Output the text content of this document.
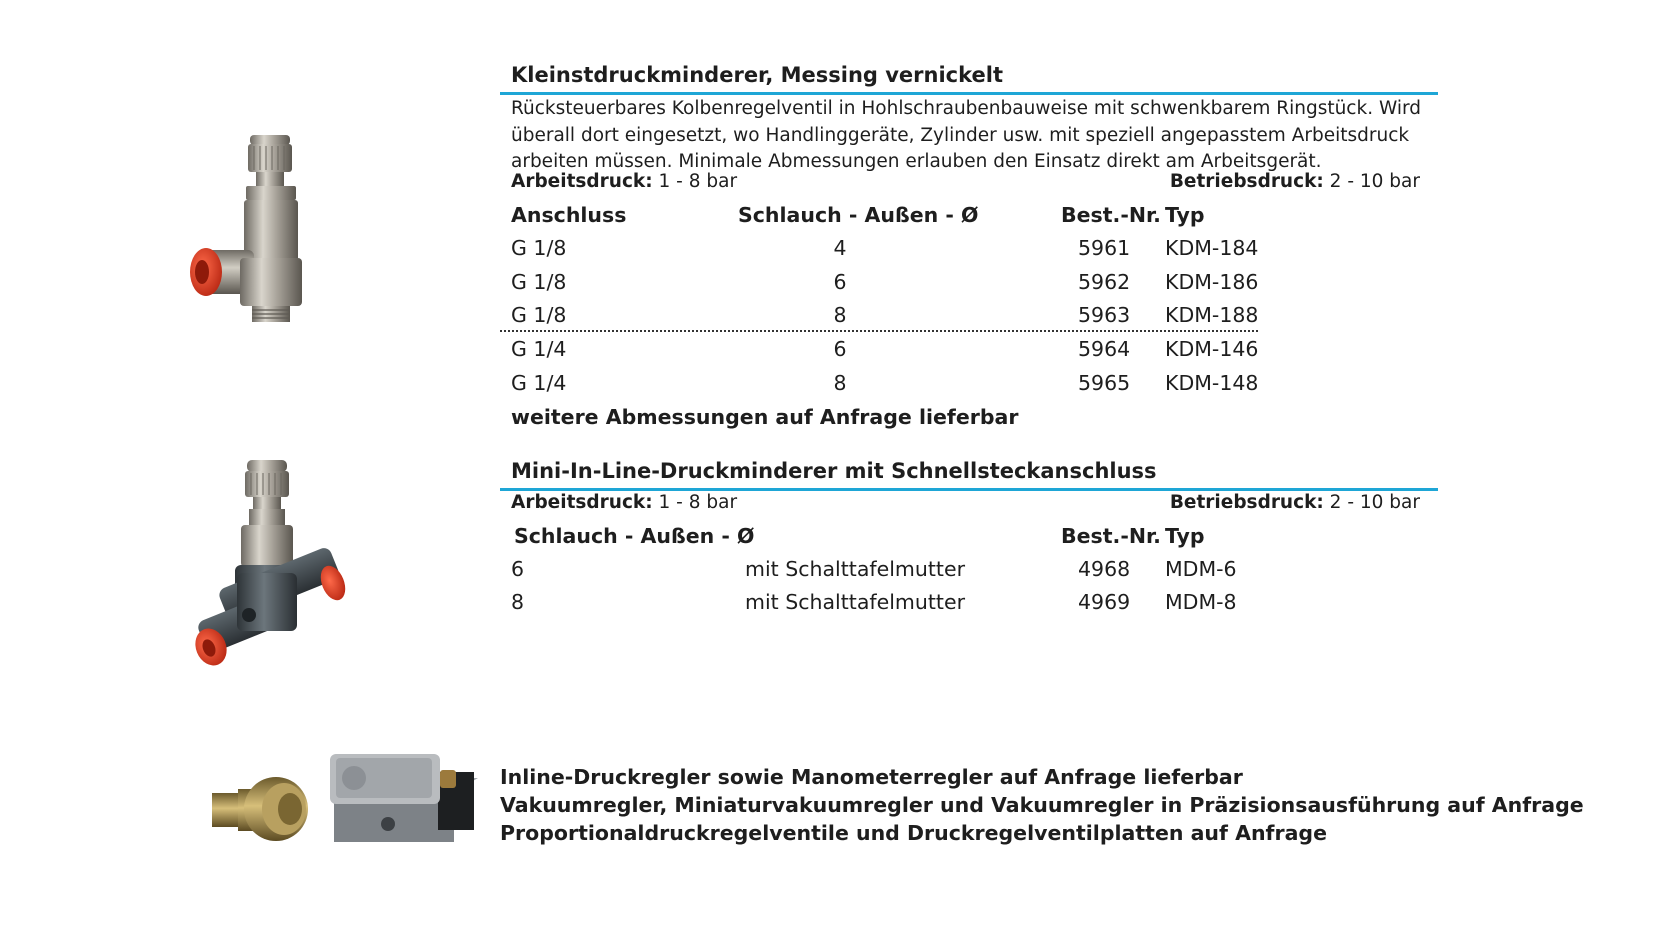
Kleinstdruckminderer, Messing vernickelt
Rücksteuerbares Kolbenregelventil in Hohlschraubenbauweise mit schwenkbarem Ringstück. Wird überall dort eingesetzt, wo Handlinggeräte, Zylinder usw. mit speziell angepasstem Arbeitsdruck arbeiten müssen. Minimale Abmessungen erlauben den Einsatz direkt am Arbeitsgerät.
Arbeitsdruck: 1 - 8 bar	Betriebsdruck: 2 - 10 bar
Anschluss	Schlauch - Außen - Ø	Best.-Nr. Typ
G 1/8	4	5961 KDM-184
G 1/8	6	5962 KDM-186
G 1/8	8	5963 KDM-188
G 1/4	6	5964 KDM-146
G 1/4	8	5965 KDM-148
weitere Abmessungen auf Anfrage lieferbar
Mini-In-Line-Druckminderer mit Schnellsteckanschluss
Arbeitsdruck: 1 - 8 bar	Betriebsdruck: 2 - 10 bar
Schlauch - Außen - Ø	Best.-Nr. Typ
6	mit Schalttafelmutter	4968 MDM-6
8	mit Schalttafelmutter	4969 MDM-8
Inline-Druckregler sowie Manometerregler auf Anfrage lieferbar
Vakuumregler, Miniaturvakuumregler und Vakuumregler in Präzisionsausführung auf Anfrage
Proportionaldruckregelventile und Druckregelventilplatten auf Anfrage
